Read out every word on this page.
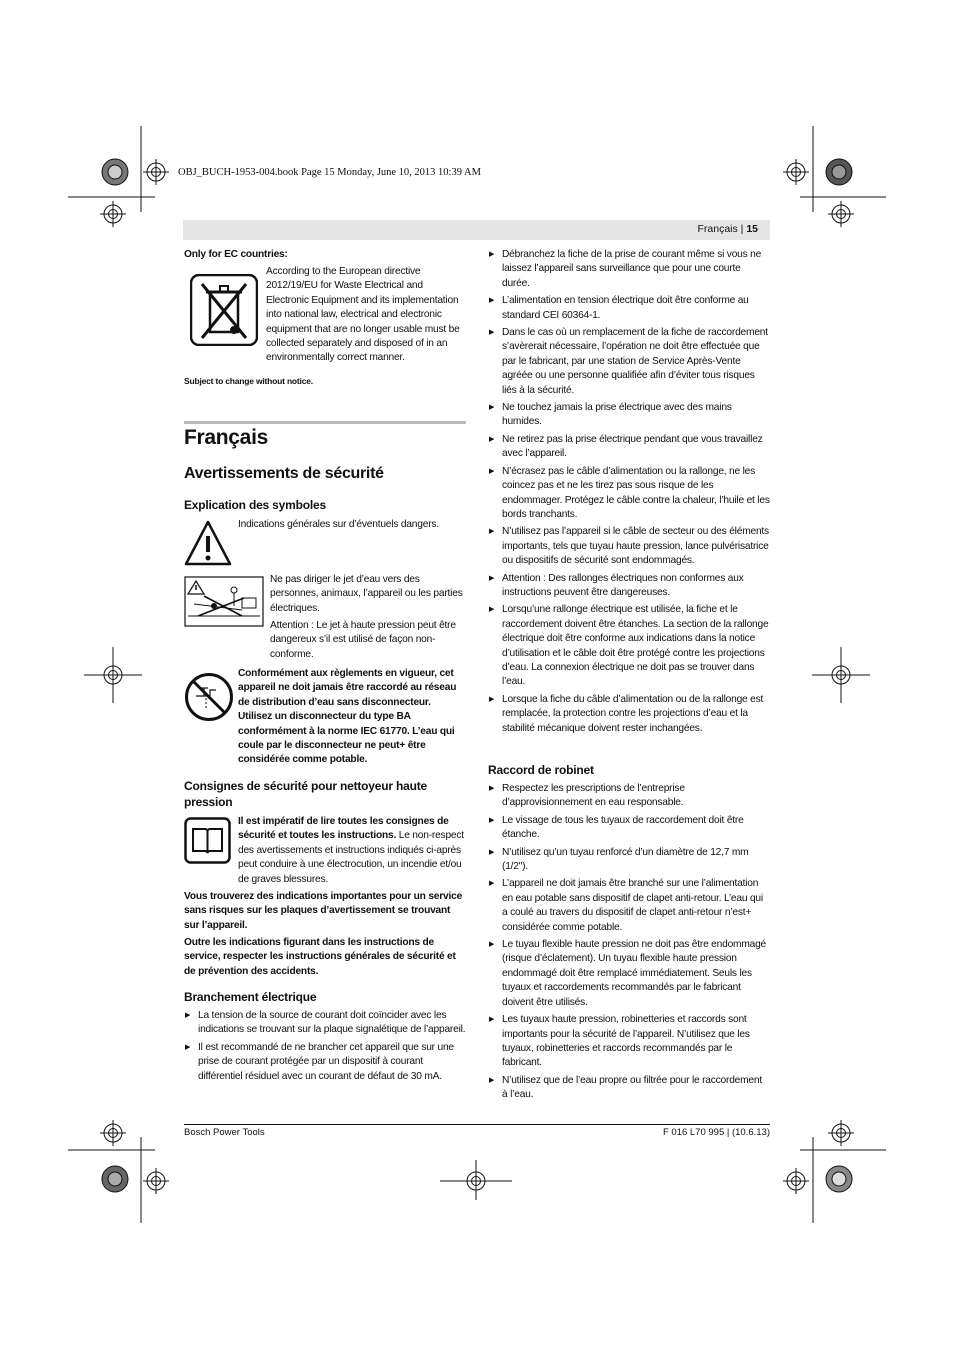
OBJ_BUCH-1953-004.book Page 15 Monday, June 10, 2013 10:39 AM
Français | 15
Only for EC countries:
According to the European directive 2012/19/EU for Waste Electrical and Electronic Equipment and its implementation into national law, electrical and electronic equipment that are no longer usable must be collected separately and disposed of in an environmentally correct manner.
Subject to change without notice.
Français
Avertissements de sécurité
Explication des symboles
Indications générales sur d’éventuels dangers.
Ne pas diriger le jet d’eau vers des personnes, animaux, l’appareil ou les parties électriques.
Attention : Le jet à haute pression peut être dangereux s’il est utilisé de façon non-conforme.
Conformément aux règlements en vigueur, cet appareil ne doit jamais être raccordé au réseau de distribution d’eau sans disconnecteur. Utilisez un disconnecteur du type BA conformément à la norme IEC 61770. L’eau qui coule par le disconnecteur ne peut+ être considérée comme potable.
Consignes de sécurité pour nettoyeur haute pression
Il est impératif de lire toutes les consignes de sécurité et toutes les instructions. Le non-respect des avertissements et instructions indiqués ci-après peut conduire à une électrocution, un incendie et/ou de graves blessures.
Vous trouverez des indications importantes pour un service sans risques sur les plaques d’avertissement se trouvant sur l’appareil.
Outre les indications figurant dans les instructions de service, respecter les instructions générales de sécurité et de prévention des accidents.
Branchement électrique
▶ La tension de la source de courant doit coïncider avec les indications se trouvant sur la plaque signalétique de l’appareil.
▶ Il est recommandé de ne brancher cet appareil que sur une prise de courant protégée par un dispositif à courant différentiel résiduel avec un courant de défaut de 30 mA.
▶ Débranchez la fiche de la prise de courant même si vous ne laissez l’appareil sans surveillance que pour une courte durée.
▶ L’alimentation en tension électrique doit être conforme au standard CEI 60364-1.
▶ Dans le cas où un remplacement de la fiche de raccordement s’avèrerait nécessaire, l’opération ne doit être effectuée que par le fabricant, par une station de Service Après-Vente agréée ou une personne qualifiée afin d’éviter tous risques liés à la sécurité.
▶ Ne touchez jamais la prise électrique avec des mains humides.
▶ Ne retirez pas la prise électrique pendant que vous travaillez avec l’appareil.
▶ N’écrasez pas le câble d’alimentation ou la rallonge, ne les coincez pas et ne les tirez pas sous risque de les endommager. Protégez le câble contre la chaleur, l’huile et les bords tranchants.
▶ N’utilisez pas l’appareil si le câble de secteur ou des éléments importants, tels que tuyau haute pression, lance pulvérisatrice ou dispositifs de sécurité sont endommagés.
▶ Attention : Des rallonges électriques non conformes aux instructions peuvent être dangereuses.
▶ Lorsqu’une rallonge électrique est utilisée, la fiche et le raccordement doivent être étanches. La section de la rallonge électrique doit être conforme aux indications dans la notice d’utilisation et le câble doit être protégé contre les projections d’eau. La connexion électrique ne doit pas se trouver dans l’eau.
▶ Lorsque la fiche du câble d’alimentation ou de la rallonge est remplacée, la protection contre les projections d’eau et la stabilité mécanique doivent rester inchangées.
Raccord de robinet
▶ Respectez les prescriptions de l’entreprise d’approvisionnement en eau responsable.
▶ Le vissage de tous les tuyaux de raccordement doit être étanche.
▶ N’utilisez qu’un tuyau renforcé d’un diamètre de 12,7 mm (1/2").
▶ L’appareil ne doit jamais être branché sur une l’alimentation en eau potable sans dispositif de clapet anti-retour. L’eau qui a coulé au travers du dispositif de clapet anti-retour n’est+ considérée comme potable.
▶ Le tuyau flexible haute pression ne doit pas être endommagé (risque d’éclatement). Un tuyau flexible haute pression endommagé doit être remplacé immédiatement. Seuls les tuyaux et raccordements recommandés par le fabricant doivent être utilisés.
▶ Les tuyaux haute pression, robinetteries et raccords sont importants pour la sécurité de l’appareil. N’utilisez que les tuyaux, robinetteries et raccords recommandés par le fabricant.
▶ N’utilisez que de l’eau propre ou filtrée pour le raccordement à l’eau.
Bosch Power Tools	F 016 L70 995 | (10.6.13)
